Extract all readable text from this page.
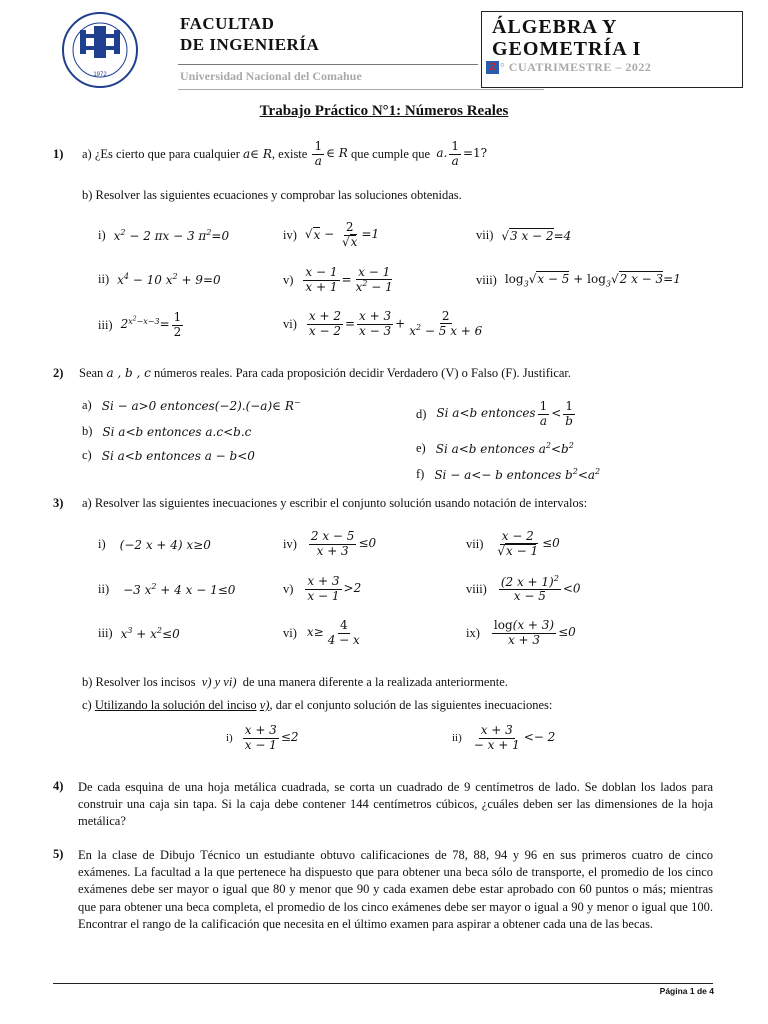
1972
FACULTAD
DE INGENIERÍA
Universidad Nacional del Comahue
ÁLGEBRA Y
GEOMETRÍA I
2 ° CUATRIMESTRE – 2022
Trabajo Práctico N°1: Números Reales
1) a) ¿Es cierto que para cualquier
a∈ R , existe
$\frac{1}{a}$ ∈ R
que cumple que
a. $\frac{1}{a} =1$?
b) Resolver las siguientes ecuaciones y comprobar las soluciones obtenidas.
i) $x^2 - 2$ πx − 3 $\pi^2=0$
ii) $x^4 - 10$ $x^2 + 9=0$
iii) $2^{x^2-x-3}= \frac{1}{2}$
iv) $√x - \frac{2}{√x} =1$
$v) \frac{x - 1}{x + 1} = \frac{x - 1}{x^2 - 1}$
$vi) \frac{x + 2}{x - 2} = \frac{x + 3}{x - 3} + \frac{2}{x^2 - 5 x + 6}$
vii) √3 x − 2=4
viii) $\log_3√x - 5 + \log_3√2$ x − 3=1
2) Sean a , b , c números reales. Para cada proposición decidir Verdadero (V) o Falso (F). Justificar.
a) Si − a>0 entonces(−2).(−a)∈ R−
b) Si a<b entonces a.c<b.c
c) Si a<b entonces a − b<0
d) Si a<b entonces $\frac{1}{a} < \frac{1}{b}$
e) Si a<b entonces $a^2<b^2$
f) Si − a<− b entonces $b^2<a^2$
3) a) Resolver las siguientes inecuaciones y escribir el conjunto solución usando notación de intervalos:
i) (−2 x + 4) x≥0
ii) −3 $x^2 + 4$ x − 1≤0
iii) $x^3 + x^2\le 0$
$iv) \frac{2 x - 5}{x + 3} \le 0$
$v) \frac{x + 3}{x - 1} >2$
vi) $x\ge \frac{4}{4 - x}$
$vii) \frac{x - 2}{√x - 1} \le 0$
viii) $\frac{(2 x + 1)^2}{x - 5} <0$
$ix) \frac{\log(x + 3)}{x + 3} \le 0$
b) Resolver los incisos v) y vi) de una manera diferente a la realizada anteriormente.
c) Utilizando la solución del inciso v), dar el conjunto solución de las siguientes inecuaciones:
$i) \frac{x + 3}{x - 1} \le 2$	$ii) \frac{x + 3}{- x + 1} <- 2$
4) De cada esquina de una hoja metálica cuadrada, se corta un cuadrado de 9 centímetros de lado. Se doblan los lados para construir una caja sin tapa. Si la caja debe contener 144 centímetros cúbicos, ¿cuáles deben ser las dimensiones de la hoja metálica?
5) En la clase de Dibujo Técnico un estudiante obtuvo calificaciones de 78, 88, 94 y 96 en sus primeros cuatro de cinco exámenes. La facultad a la que pertenece ha dispuesto que para obtener una beca sólo de transporte, el promedio de los cinco exámenes debe ser mayor o igual que 80 y menor que 90 y cada examen debe estar aprobado con 60 puntos o más; mientras que para obtener una beca completa, el promedio de los cinco exámenes debe ser mayor o igual a 90 y menor o igual que 100. Encontrar el rango de la calificación que necesita en el último examen para aspirar a obtener cada una de las becas.
Página 1 de 4
